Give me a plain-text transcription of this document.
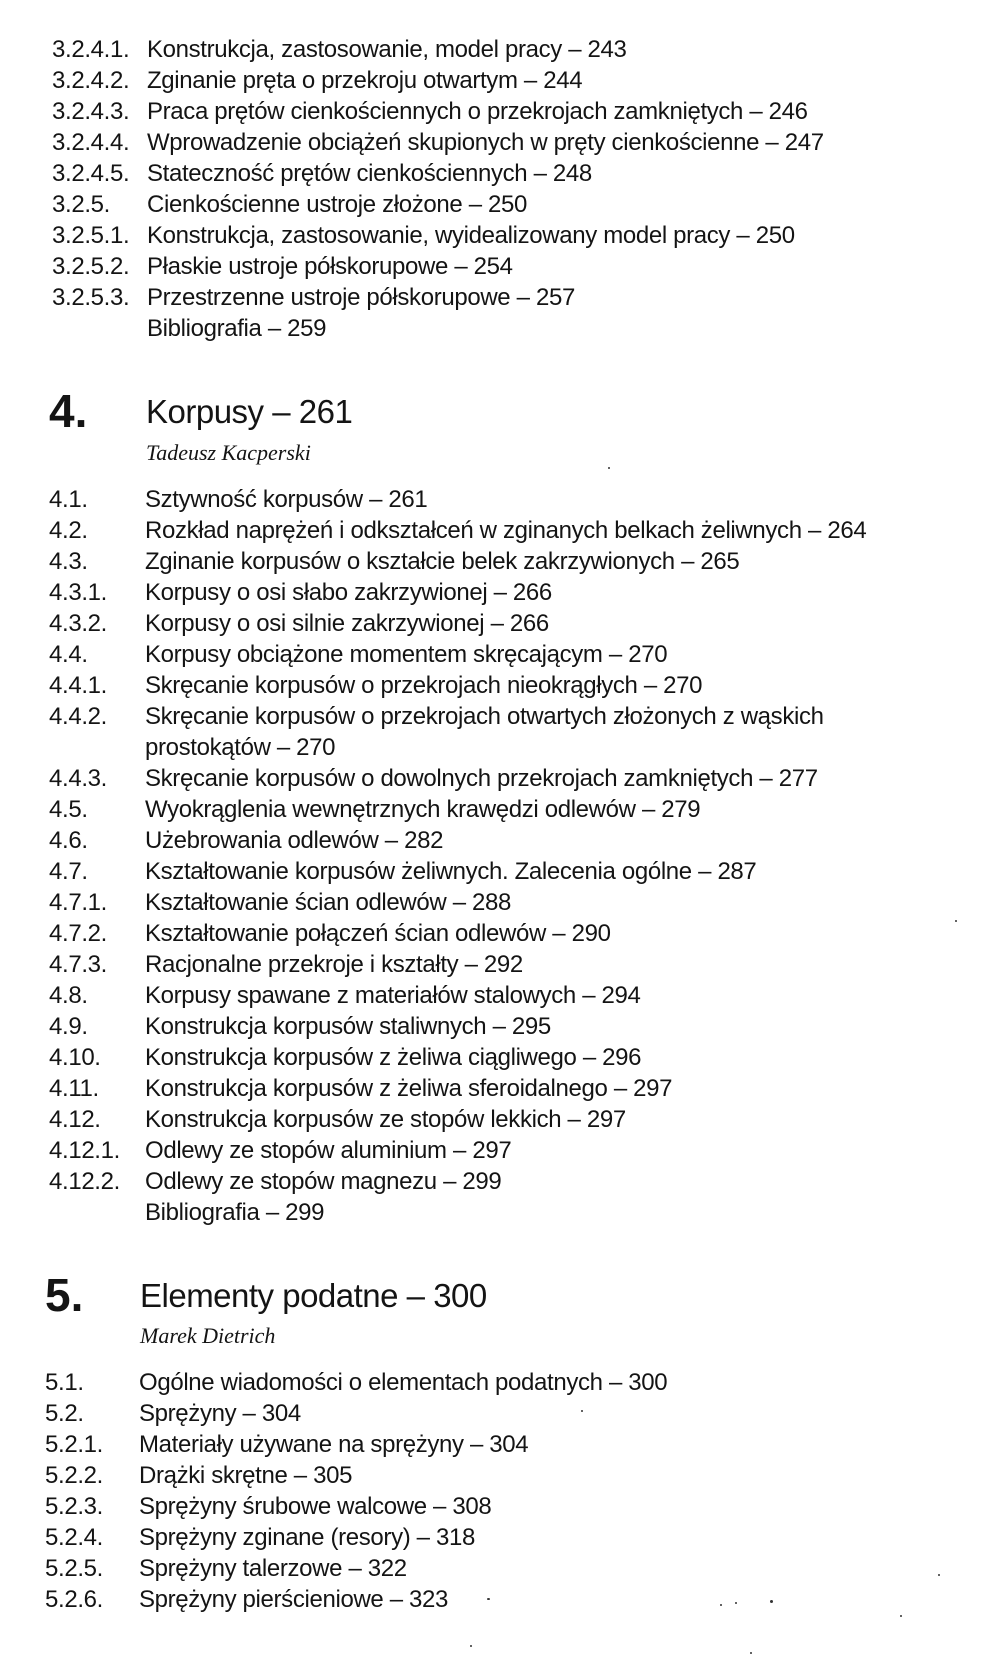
3.2.4.1. Konstrukcja, zastosowanie, model pracy – 243
3.2.4.2. Zginanie pręta o przekroju otwartym – 244
3.2.4.3. Praca prętów cienkościennych o przekrojach zamkniętych – 246
3.2.4.4. Wprowadzenie obciążeń skupionych w pręty cienkościenne – 247
3.2.4.5. Stateczność prętów cienkościennych – 248
3.2.5. Cienkościenne ustroje złożone – 250
3.2.5.1. Konstrukcja, zastosowanie, wyidealizowany model pracy – 250
3.2.5.2. Płaskie ustroje półskorupowe – 254
3.2.5.3. Przestrzenne ustroje półskorupowe – 257
Bibliografia – 259
4. Korpusy – 261
Tadeusz Kacperski
4.1. Sztywność korpusów – 261
4.2. Rozkład naprężeń i odkształceń w zginanych belkach żeliwnych – 264
4.3. Zginanie korpusów o kształcie belek zakrzywionych – 265
4.3.1. Korpusy o osi słabo zakrzywionej – 266
4.3.2. Korpusy o osi silnie zakrzywionej – 266
4.4. Korpusy obciążone momentem skręcającym – 270
4.4.1. Skręcanie korpusów o przekrojach nieokrągłych – 270
4.4.2. Skręcanie korpusów o przekrojach otwartych złożonych z wąskich
prostokątów – 270
4.4.3. Skręcanie korpusów o dowolnych przekrojach zamkniętych – 277
4.5. Wyokrąglenia wewnętrznych krawędzi odlewów – 279
4.6. Użebrowania odlewów – 282
4.7. Kształtowanie korpusów żeliwnych. Zalecenia ogólne – 287
4.7.1. Kształtowanie ścian odlewów – 288
4.7.2. Kształtowanie połączeń ścian odlewów – 290
4.7.3. Racjonalne przekroje i kształty – 292
4.8. Korpusy spawane z materiałów stalowych – 294
4.9. Konstrukcja korpusów staliwnych – 295
4.10. Konstrukcja korpusów z żeliwa ciągliwego – 296
4.11. Konstrukcja korpusów z żeliwa sferoidalnego – 297
4.12. Konstrukcja korpusów ze stopów lekkich – 297
4.12.1. Odlewy ze stopów aluminium – 297
4.12.2. Odlewy ze stopów magnezu – 299
Bibliografia – 299
5. Elementy podatne – 300
Marek Dietrich
5.1. Ogólne wiadomości o elementach podatnych – 300
5.2. Sprężyny – 304
5.2.1. Materiały używane na sprężyny – 304
5.2.2. Drążki skrętne – 305
5.2.3. Sprężyny śrubowe walcowe – 308
5.2.4. Sprężyny zginane (resory) – 318
5.2.5. Sprężyny talerzowe – 322
5.2.6. Sprężyny pierścieniowe – 323
